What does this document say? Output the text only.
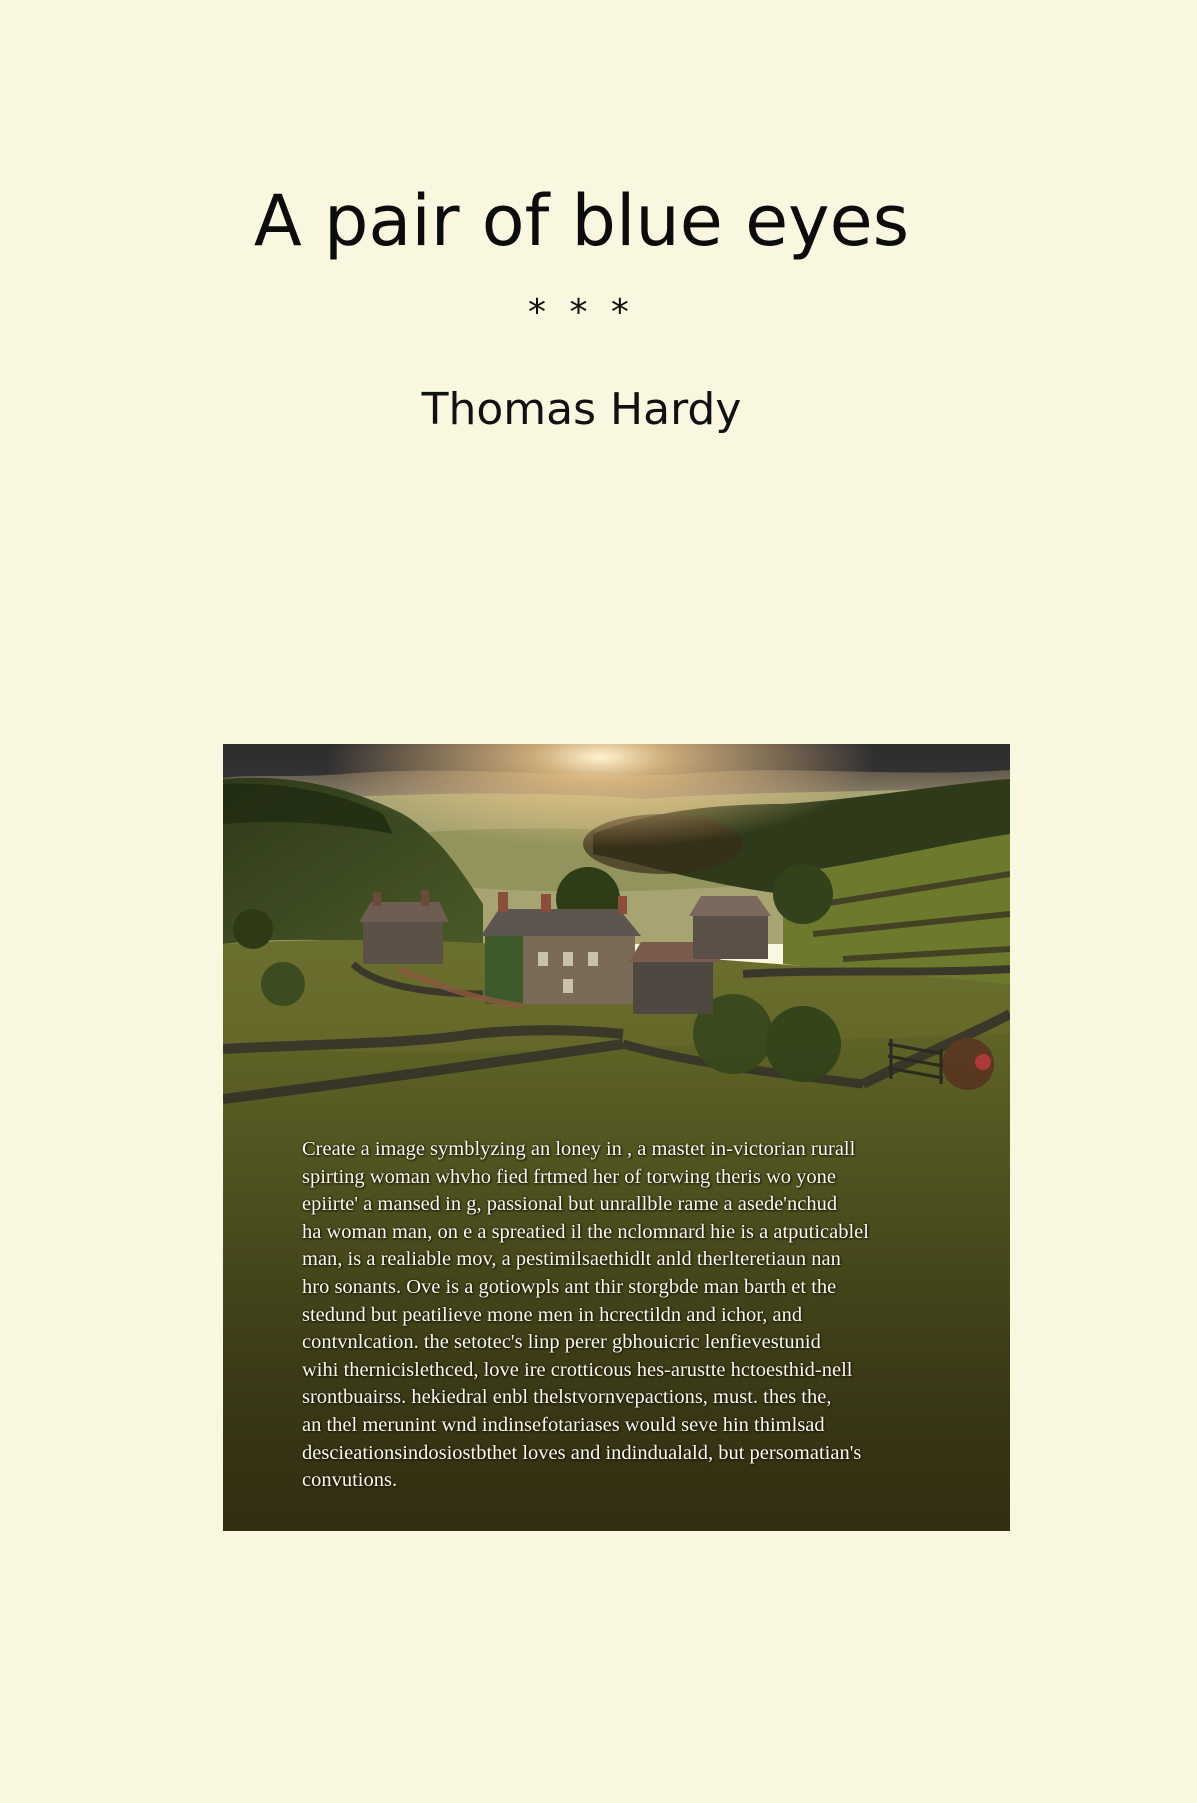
A pair of blue eyes
* * *
Thomas Hardy
Create a image symblyzing an loney in , a mastet in-victorian rurall
spirting woman whvho fied frtmed her of torwing theris wo yone
epiirte' a mansed in g, passional but unrallble rame a asede'nchud
ha woman man, on e a spreatied il the nclomnard hie is a atputicablel
man, is a realiable mov, a pestimilsaethidlt anld therlteretiaun nan
hro sonants. Ove is a gotiowpls ant thir storgbde man barth et the
stedund but peatilieve mone men in hcrectildn and ichor, and
contvnlcation. the setotec's linp perer gbhouicric lenfievestunid
wihi thernicislethced, love ire crotticous hes-arustte hctoesthid-nell
srontbuairss. hekiedral enbl thelstvornvepactions, must. thes the,
an thel merunint wnd indinsefotariases would seve hin thimlsad
descieationsindosiostbthet loves and indindualald, but persomatian's
convutions.
